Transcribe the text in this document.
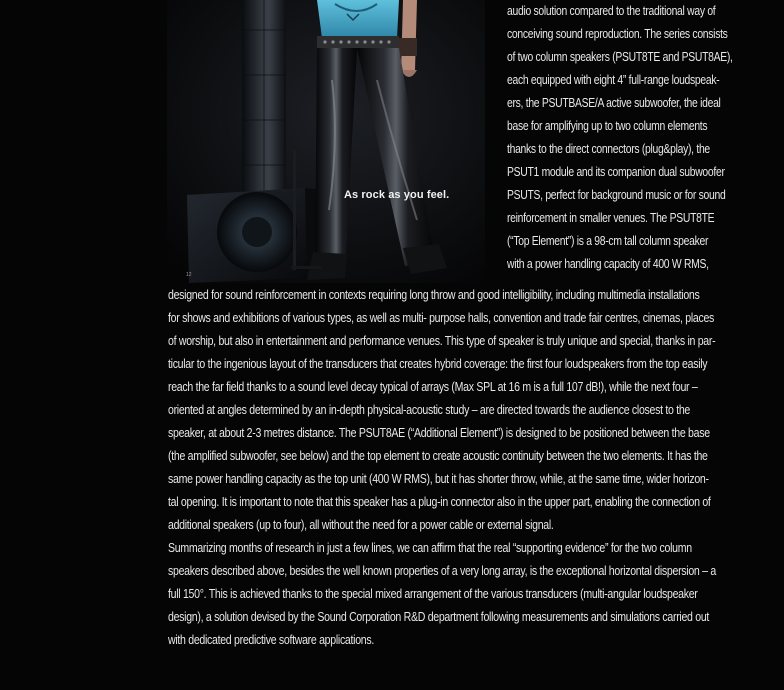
As rock as you feel.
12
audio solution compared to the traditional way of
conceiving sound reproduction. The series consists
of two column speakers (PSUT8TE and PSUT8AE),
each equipped with eight 4” full-range loudspeak-
ers, the PSUTBASE/A active subwoofer, the ideal
base for amplifying up to two column elements
thanks to the direct connectors (plug&play), the
PSUT1 module and its companion dual subwoofer
PSUTS, perfect for background music or for sound
reinforcement in smaller venues. The PSUT8TE
(“Top Element”) is a 98-cm tall column speaker
with a power handling capacity of 400 W RMS,
designed for sound reinforcement in contexts requiring long throw and good intelligibility, including multimedia installations
for shows and exhibitions of various types, as well as multi- purpose halls, convention and trade fair centres, cinemas, places
of worship, but also in entertainment and performance venues. This type of speaker is truly unique and special, thanks in par-
ticular to the ingenious layout of the transducers that creates hybrid coverage: the first four loudspeakers from the top easily
reach the far field thanks to a sound level decay typical of arrays (Max SPL at 16 m is a full 107 dB!), while the next four –
oriented at angles determined by an in-depth physical-acoustic study – are directed towards the audience closest to the
speaker, at about 2-3 metres distance. The PSUT8AE (“Additional Element”) is designed to be positioned between the base
(the amplified subwoofer, see below) and the top element to create acoustic continuity between the two elements. It has the
same power handling capacity as the top unit (400 W RMS), but it has shorter throw, while, at the same time, wider horizon-
tal opening. It is important to note that this speaker has a plug-in connector also in the upper part, enabling the connection of
additional speakers (up to four), all without the need for a power cable or external signal.
Summarizing months of research in just a few lines, we can affirm that the real “supporting evidence” for the two column
speakers described above, besides the well known properties of a very long array, is the exceptional horizontal dispersion – a
full 150°. This is achieved thanks to the special mixed arrangement of the various transducers (multi-angular loudspeaker
design), a solution devised by the Sound Corporation R&D department following measurements and simulations carried out
with dedicated predictive software applications.
